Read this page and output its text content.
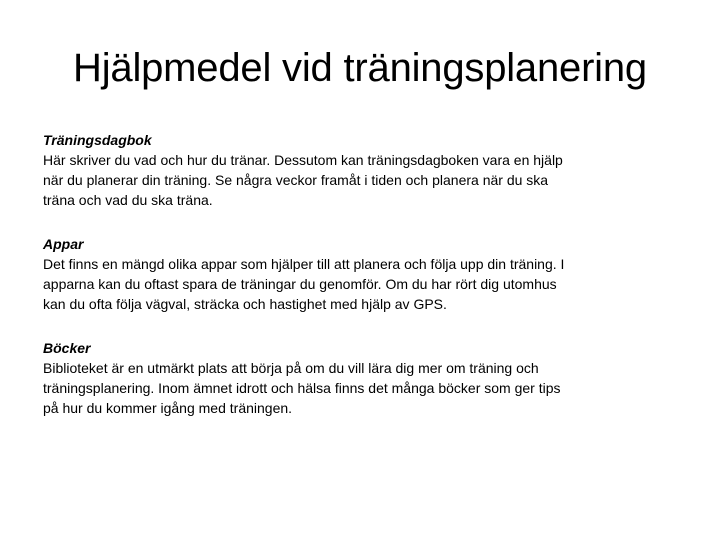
Hjälpmedel vid träningsplanering

Träningsdagbok

Här skriver du vad och hur du tränar. Dessutom kan träningsdagboken vara en hjälp
när du planerar din träning. Se några veckor framåt i tiden och planera när du ska
träna och vad du ska träna.

Appar

Det finns en mängd olika appar som hjälper till att planera och följa upp din träning. I
apparna kan du oftast spara de träningar du genomför. Om du har rört dig utomhus
kan du ofta följa vägval, sträcka och hastighet med hjälp av GPS.

Böcker

Biblioteket är en utmärkt plats att börja på om du vill lära dig mer om träning och
träningsplanering. Inom ämnet idrott och hälsa finns det många böcker som ger tips
på hur du kommer igång med träningen.
